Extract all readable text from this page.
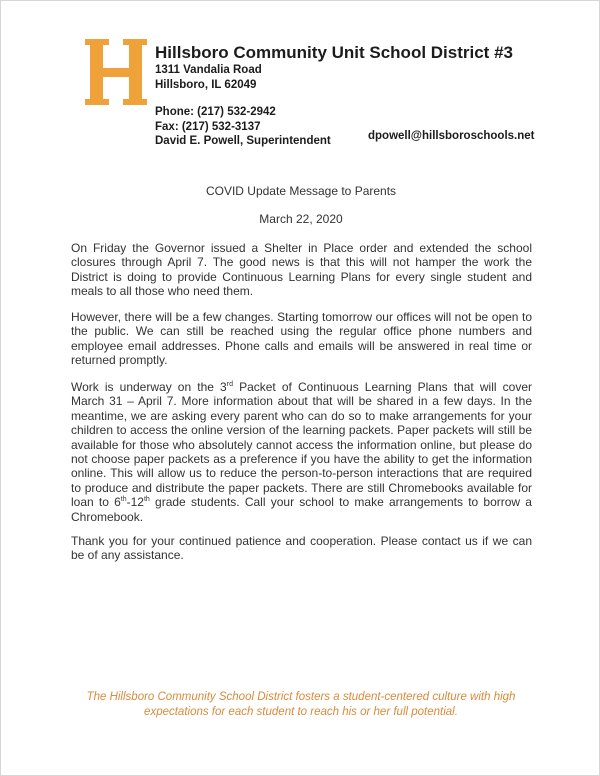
Hillsboro Community Unit School District #3
1311 Vandalia Road
Hillsboro, IL 62049
Phone: (217) 532-2942
Fax: (217) 532-3137
David E. Powell, Superintendent	dpowell@hillsboroschools.net
COVID Update Message to Parents
March 22, 2020

On Friday the Governor issued a Shelter in Place order and extended the school closures through April 7. The good news is that this will not hamper the work the District is doing to provide Continuous Learning Plans for every single student and meals to all those who need them.

However, there will be a few changes. Starting tomorrow our offices will not be open to the public. We can still be reached using the regular office phone numbers and employee email addresses. Phone calls and emails will be answered in real time or returned promptly.

Work is underway on the 3rd Packet of Continuous Learning Plans that will cover March 31 – April 7. More information about that will be shared in a few days. In the meantime, we are asking every parent who can do so to make arrangements for your children to access the online version of the learning packets. Paper packets will still be available for those who absolutely cannot access the information online, but please do not choose paper packets as a preference if you have the ability to get the information online. This will allow us to reduce the person-to-person interactions that are required to produce and distribute the paper packets. There are still Chromebooks available for loan to 6th-12th grade students. Call your school to make arrangements to borrow a Chromebook.

Thank you for your continued patience and cooperation. Please contact us if we can be of any assistance.

The Hillsboro Community School District fosters a student-centered culture with high expectations for each student to reach his or her full potential.
